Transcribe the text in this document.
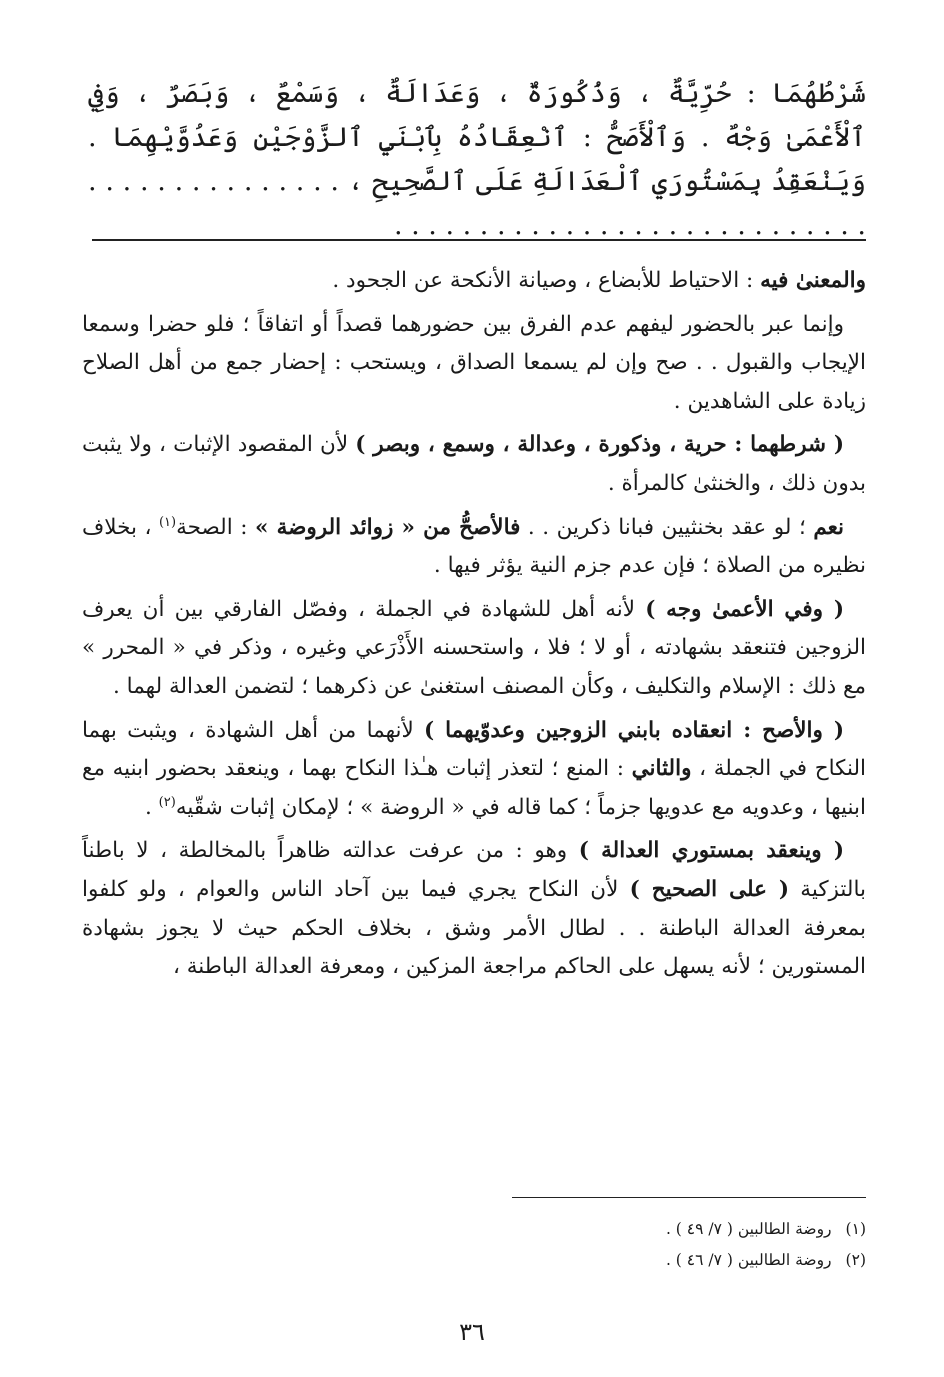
شَرْطُهُمَا : حُرِّيَّةٌ ، وَذُكُورَةٌ ، وَعَدَالَةٌ ، وَسَمْعٌ ، وَبَصَرٌ ، وَفِي ٱلْأَعْمَىٰ وَجْهٌ . وَٱلْأَصَحُّ : ٱنْعِقَادُهُ بِٱبْنَيِ ٱلزَّوْجَيْنِ وَعَدُوَّيْهِمَا . وَيَنْعَقِدُ بِمَسْتُورَيِ ٱلْعَدَالَةِ عَلَى ٱلصَّحِيحِ ، . . . . . . . . . . . . . . . . . . . . . . . . . . . . . . . . . . . . . . . . . . .

والمعنىٰ فيه : الاحتياط للأبضاع ، وصيانة الأنكحة عن الجحود .

وإنما عبر بالحضور ليفهم عدم الفرق بين حضورهما قصداً أو اتفاقاً ؛ فلو حضرا وسمعا الإيجاب والقبول . . صح وإن لم يسمعا الصداق ، ويستحب : إحضار جمع من أهل الصلاح زيادة على الشاهدين .

( شرطهما : حرية ، وذكورة ، وعدالة ، وسمع ، وبصر ) لأن المقصود الإثبات ، ولا يثبت بدون ذلك ، والخنثىٰ كالمرأة .

نعم ؛ لو عقد بخنثيين فبانا ذكرين . . فالأصحُّ من « زوائد الروضة » : الصحة$^{(١)}$ ، بخلاف نظيره من الصلاة ؛ فإن عدم جزم النية يؤثر فيها .

( وفي الأعمىٰ وجه ) لأنه أهل للشهادة في الجملة ، وفصّل الفارقي بين أن يعرف الزوجين فتنعقد بشهادته ، أو لا ؛ فلا ، واستحسنه الأَذْرَعي وغيره ، وذكر في « المحرر » مع ذلك : الإسلام والتكليف ، وكأن المصنف استغنىٰ عن ذكرهما ؛ لتضمن العدالة لهما .

( والأصح : انعقاده بابني الزوجين وعدوّيهما ) لأنهما من أهل الشهادة ، ويثبت بهما النكاح في الجملة ، والثاني : المنع ؛ لتعذر إثبات هـٰذا النكاح بهما ، وينعقد بحضور ابنيه مع ابنيها ، وعدويه مع عدويها جزماً ؛ كما قاله في « الروضة » ؛ لإمكان إثبات شقّيه$^{(٢)}$ .

( وينعقد بمستوري العدالة ) وهو : من عرفت عدالته ظاهراً بالمخالطة ، لا باطناً بالتزكية ( على الصحيح ) لأن النكاح يجري فيما بين آحاد الناس والعوام ، ولو كلفوا بمعرفة العدالة الباطنة . . لطال الأمر وشق ، بخلاف الحكم حيث لا يجوز بشهادة المستورين ؛ لأنه يسهل على الحاكم مراجعة المزكين ، ومعرفة العدالة الباطنة ،

(١)روضة الطالبين ( ٧/ ٤٩ ) .
(٢)روضة الطالبين ( ٧/ ٤٦ ) .
٣٦
